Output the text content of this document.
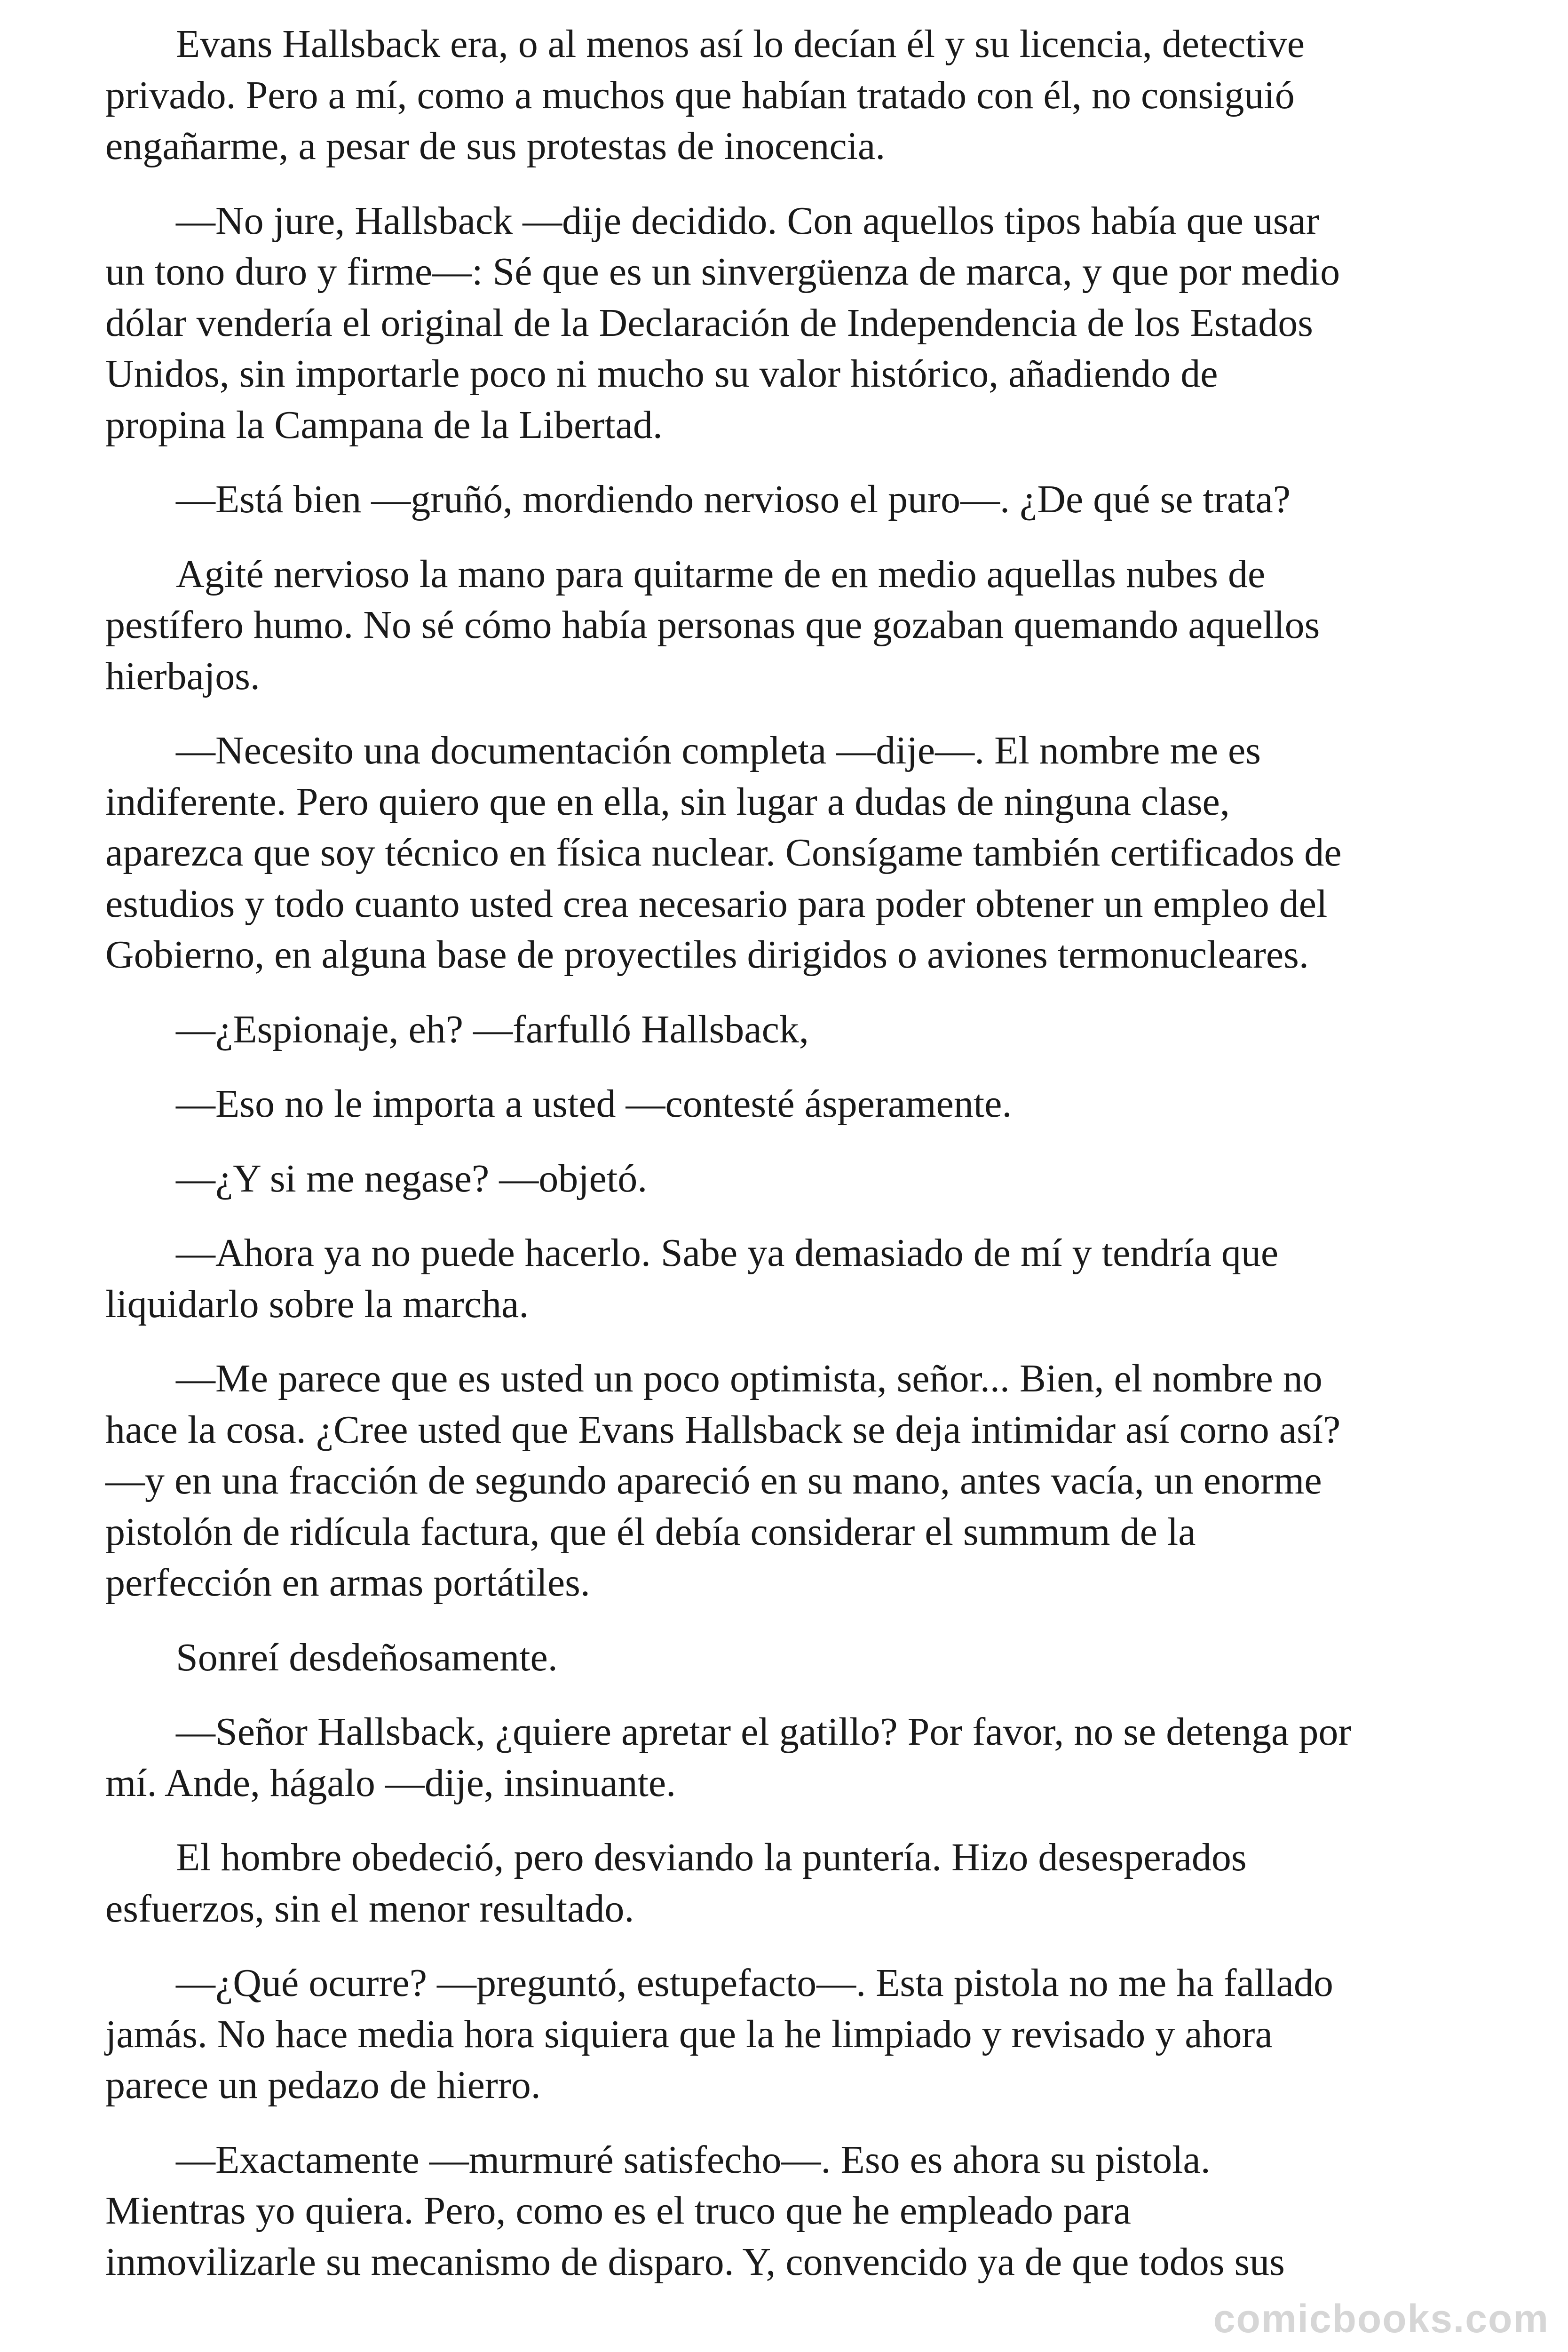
Evans Hallsback era, o al menos así lo decían él y su licencia, detective
privado. Pero a mí, como a muchos que habían tratado con él, no consiguió
engañarme, a pesar de sus protestas de inocencia.
—No jure, Hallsback —dije decidido. Con aquellos tipos había que usar
un tono duro y firme—: Sé que es un sinvergüenza de marca, y que por medio
dólar vendería el original de la Declaración de Independencia de los Estados
Unidos, sin importarle poco ni mucho su valor histórico, añadiendo de
propina la Campana de la Libertad.
—Está bien —gruñó, mordiendo nervioso el puro—. ¿De qué se trata?
Agité nervioso la mano para quitarme de en medio aquellas nubes de
pestífero humo. No sé cómo había personas que gozaban quemando aquellos
hierbajos.
—Necesito una documentación completa —dije—. El nombre me es
indiferente. Pero quiero que en ella, sin lugar a dudas de ninguna clase,
aparezca que soy técnico en física nuclear. Consígame también certificados de
estudios y todo cuanto usted crea necesario para poder obtener un empleo del
Gobierno, en alguna base de proyectiles dirigidos o aviones termonucleares.
—¿Espionaje, eh? —farfulló Hallsback,
—Eso no le importa a usted —contesté ásperamente.
—¿Y si me negase? —objetó.
—Ahora ya no puede hacerlo. Sabe ya demasiado de mí y tendría que
liquidarlo sobre la marcha.
—Me parece que es usted un poco optimista, señor... Bien, el nombre no
hace la cosa. ¿Cree usted que Evans Hallsback se deja intimidar así corno así?
—y en una fracción de segundo apareció en su mano, antes vacía, un enorme
pistolón de ridícula factura, que él debía considerar el summum de la
perfección en armas portátiles.
Sonreí desdeñosamente.
—Señor Hallsback, ¿quiere apretar el gatillo? Por favor, no se detenga por
mí. Ande, hágalo —dije, insinuante.
El hombre obedeció, pero desviando la puntería. Hizo desesperados
esfuerzos, sin el menor resultado.
—¿Qué ocurre? —preguntó, estupefacto—. Esta pistola no me ha fallado
jamás. No hace media hora siquiera que la he limpiado y revisado y ahora
parece un pedazo de hierro.
—Exactamente —murmuré satisfecho—. Eso es ahora su pistola.
Mientras yo quiera. Pero, como es el truco que he empleado para
inmovilizarle su mecanismo de disparo. Y, convencido ya de que todos sus
comicbooks.com
